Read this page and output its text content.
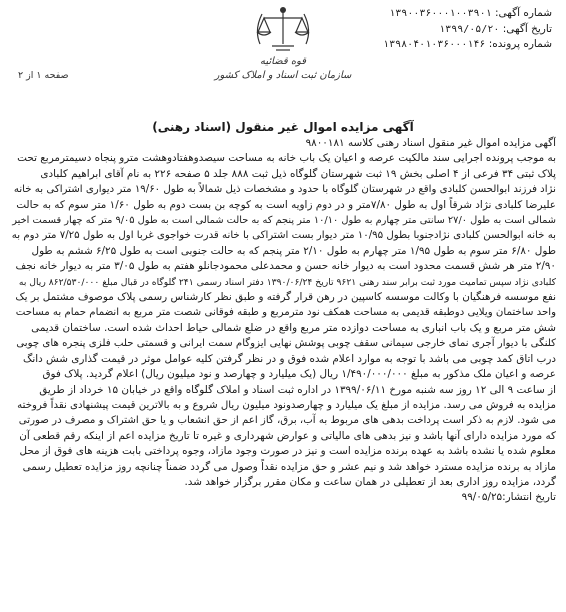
قوه قضائیه
سازمان ثبت اسناد و املاک کشور
شماره آگهی: ۱۳۹۰۰۳۶۰۰۰۱۰۰۳۹۰۱
تاریخ آگهی: ۱۳۹۹/۰۵/۲۰
شماره پرونده: ۱۳۹۸۰۴۰۱۰۳۶۰۰۰۱۴۶
صفحه ۱ از ۲
آگهی مزایده اموال غیر منقول (اسناد رهنی)

آگهی مزایده اموال غیر منقول اسناد رهنی کلاسه ۹۸۰۰۱۸۱

به موجب پرونده اجرایی سند مالکیت عرصه و اعیان یک باب خانه به مساحت سیصدوهفتادوهشت مترو پنجاه دسیمترمربع تحت

پلاک ثبتی ۳۴ فرعی از ۴ اصلی بخش ۱۹ ثبت شهرستان گلوگاه ذیل ثبت ۸۸۸ جلد ۵ صفحه ۲۲۶ به نام آقای ابراهیم کلبادی

نژاد فرزند ابوالحسن کلبادی واقع در شهرستان گلوگاه با حدود و مشخصات ذیل شمالاً به طول ۱۹/۶۰ متر دیواری اشتراکی به خانه

علیرضا کلبادی نژاد شرقاً اول به طول ۷/۸۰متر و در دوم زاویه است به کوچه بن بست دوم به طول ۱/۶۰ متر سوم که به حالت

شمالی است به طول ۲۷/۰ سانتی متر چهارم به طول ۱۰/۱۰ متر پنجم که به حالت شمالی است به طول ۹/۰۵ متر که چهار قسمت اخیر

به خانه ابوالحسن کلبادی نژادجنوبا بطول ۱۰/۹۵ متر دیوار بست اشتراکی با خانه قدرت خواجوی غربا اول به طول ۷/۲۵ متر دوم به

طول ۶/۸۰ متر سوم به طول ۱/۹۵ متر چهارم به طول ۲/۱۰ متر پنجم که به حالت جنوبی است به طول ۶/۲۵ ششم به طول

۲/۹۰ متر هر شش قسمت محدود است به دیوار خانه حسن و محمدعلی محمودجانلو هفتم به طول ۳/۰۵ متر به دیوار خانه نجف

کلبادی نژاد سپس تمامیت مورد ثبت برابر سند رهنی ۹۶۲۱ تاریخ ۱۳۹۰/۰۶/۲۴ دفتر اسناد رسمی ۲۴۱ گلوگاه در قبال مبلغ ۸۶۲/۵۳۰/۰۰۰ ریال به

نفع موسسه فرهنگیان با وکالت موسسه کاسپین در رهن قرار گرفته و طبق نظر کارشناس رسمی پلاک موصوف مشتمل بر یک

واحد ساختمان ویلایی دوطبقه قدیمی به مساحت همکف نود مترمربع و طبقه فوقانی شصت متر مربع به انضمام حمام به مساحت

شش متر مربع و یک باب انباری به مساحت دوازده متر مربع واقع در ضلع شمالی حیاط احداث شده است. ساختمان قدیمی

کلنگی با دیوار آجری نمای خارجی سیمانی سقف چوبی پوشش نهایی ایزوگام سمت ایرانی و قسمتی حلب فلزی پنجره های چوبی

درب اتاق کمد چوبی می باشد با توجه به موارد اعلام شده فوق و در نظر گرفتن کلیه عوامل موثر در قیمت گذاری شش دانگ

عرصه و اعیان ملک مذکور به مبلغ ۱/۴۹۰/۰۰۰/۰۰۰ ریال (یک میلیارد و چهارصد و نود میلیون ریال) اعلام گردید. پلاک فوق

از ساعت ۹ الی ۱۲ روز سه شنبه مورخ ۱۳۹۹/۰۶/۱۱ در اداره ثبت اسناد و املاک گلوگاه واقع در خیابان ۱۵ خرداد از طریق

مزایده به فروش می رسد. مزایده از مبلغ یک میلیارد و چهارصدونود میلیون ریال شروع و به بالاترین قیمت پیشنهادی نقداً فروخته

می شود. لازم به ذکر است پرداخت بدهی های مربوط به آب، برق، گاز اعم از حق انشعاب و یا حق اشتراک و مصرف در صورتی

که مورد مزایده دارای آنها باشد و نیز بدهی های مالیاتی و عوارض شهرداری و غیره تا تاریخ مزایده اعم از اینکه رقم قطعی آن

معلوم شده یا نشده باشد به عهده برنده مزایده است و نیز در صورت وجود مازاد، وجوه پرداختی بابت هزینه های فوق از محل

مازاد به برنده مزایده مسترد خواهد شد و نیم عشر و حق مزایده نقداً وصول می گردد ضمناً چنانچه روز مزایده تعطیل رسمی

گردد، مزایده روز اداری بعد از تعطیلی در همان ساعت و مکان مقرر برگزار خواهد شد.

تاریخ انتشار:۹۹/۰۵/۲۵
